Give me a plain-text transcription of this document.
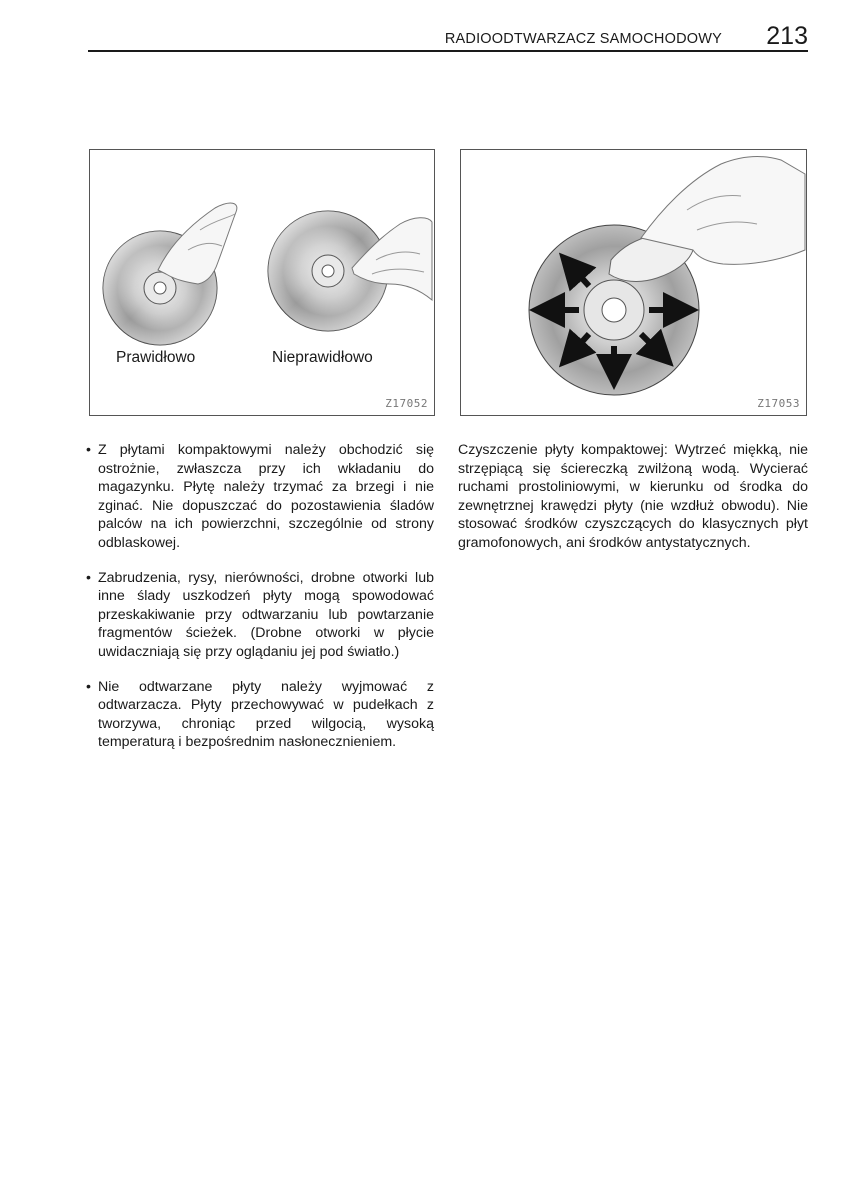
RADIOODTWARZACZ SAMOCHODOWY 213
Prawidłowo	Nieprawidłowo
Z17052	Z17053
• Z płytami kompaktowymi należy obchodzić się ostrożnie, zwłaszcza przy ich wkładaniu do magazynku. Płytę należy trzymać za brzegi i nie zginać. Nie dopuszczać do pozostawienia śladów palców na ich powierzchni, szczególnie od strony odblaskowej.
• Zabrudzenia, rysy, nierówności, drobne otworki lub inne ślady uszkodzeń płyty mogą spowodować przeskakiwanie przy odtwarzaniu lub powtarzanie fragmentów ścieżek. (Drobne otworki w płycie uwidaczniają się przy oglądaniu jej pod światło.)
• Nie odtwarzane płyty należy wyjmować z odtwarzacza. Płyty przechowywać w pudełkach z tworzywa, chroniąc przed wilgocią, wysoką temperaturą i bezpośrednim nasłonecznieniem.

Czyszczenie płyty kompaktowej: Wytrzeć miękką, nie strzępiącą się ściereczką zwilżoną wodą. Wycierać ruchami prostoliniowymi, w kierunku od środka do zewnętrznej krawędzi płyty (nie wzdłuż obwodu). Nie stosować środków czyszczących do klasycznych płyt gramofonowych, ani środków antystatycznych.
